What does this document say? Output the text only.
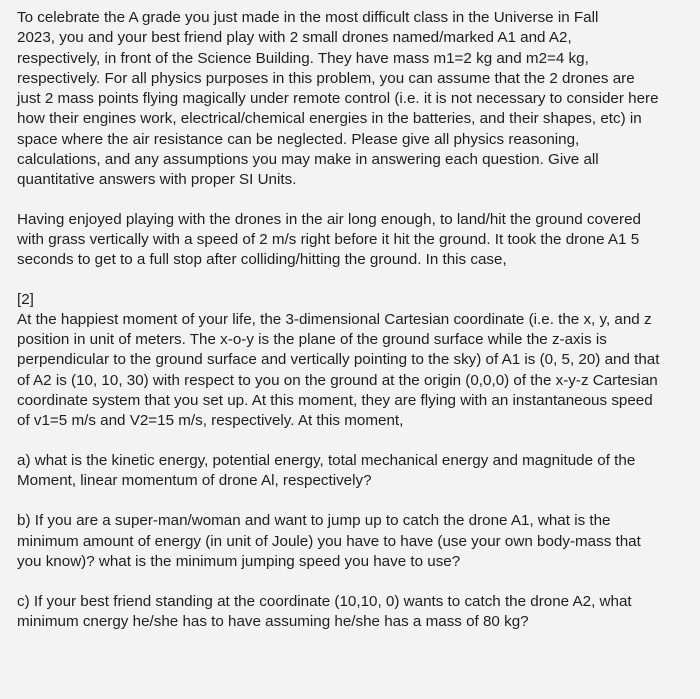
To celebrate the A grade you just made in the most difficult class in the Universe in Fall
2023, you and your best friend play with 2 small drones named/marked A1 and A2,
respectively, in front of the Science Building. They have mass m1=2 kg and m2=4 kg,
respectively. For all physics purposes in this problem, you can assume that the 2 drones are
just 2 mass points flying magically under remote control (i.e. it is not necessary to consider here
how their engines work, electrical/chemical energies in the batteries, and their shapes, etc) in
space where the air resistance can be neglected. Please give all physics reasoning,
calculations, and any assumptions you may make in answering each question. Give all
quantitative answers with proper SI Units.

Having enjoyed playing with the drones in the air long enough, to land/hit the ground covered
with grass vertically with a speed of 2 m/s right before it hit the ground. It took the drone A1 5
seconds to get to a full stop after colliding/hitting the ground. In this case,

[2]

At the happiest moment of your life, the 3-dimensional Cartesian coordinate (i.e. the x, y, and z
position in unit of meters. The x-o-y is the plane of the ground surface while the z-axis is
perpendicular to the ground surface and vertically pointing to the sky) of A1 is (0, 5, 20) and that
of A2 is (10, 10, 30) with respect to you on the ground at the origin (0,0,0) of the x-y-z Cartesian
coordinate system that you set up. At this moment, they are flying with an instantaneous speed
of v1=5 m/s and V2=15 m/s, respectively. At this moment,

a) what is the kinetic energy, potential energy, total mechanical energy and magnitude of the
Moment, linear momentum of drone Al, respectively?

b) If you are a super-man/woman and want to jump up to catch the drone A1, what is the
minimum amount of energy (in unit of Joule) you have to have (use your own body-mass that
you know)? what is the minimum jumping speed you have to use?

c) If your best friend standing at the coordinate (10,10, 0) wants to catch the drone A2, what
minimum cnergy he/she has to have assuming he/she has a mass of 80 kg?
